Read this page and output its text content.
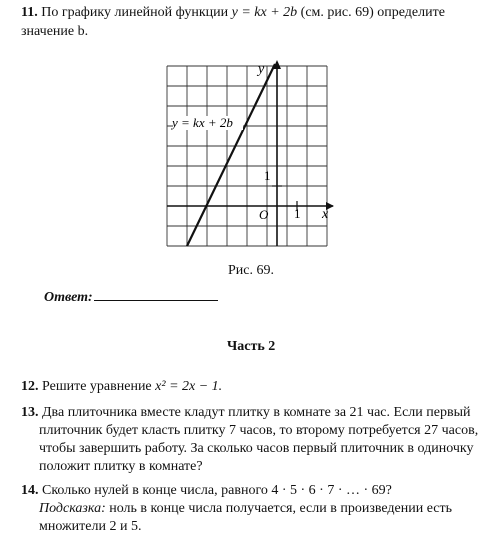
11. По графику линейной функции y = kx + 2b (см. рис. 69) определите
значение b.
y = kx + 2b
y
x
O 1
1
Рис. 69.
Ответ:
Часть 2
12. Решите уравнение x² = 2x − 1.
13. Два плиточника вместе кладут плитку в комнате за 21 час. Если первый
плиточник будет класть плитку 7 часов, то второму потребуется 27 часов,
чтобы завершить работу. За сколько часов первый плиточник в одиночку
положит плитку в комнате?
14. Сколько нулей в конце числа, равного 4 · 5 · 6 · 7 · … · 69?
Подсказка: ноль в конце числа получается, если в произведении есть
множители 2 и 5.
